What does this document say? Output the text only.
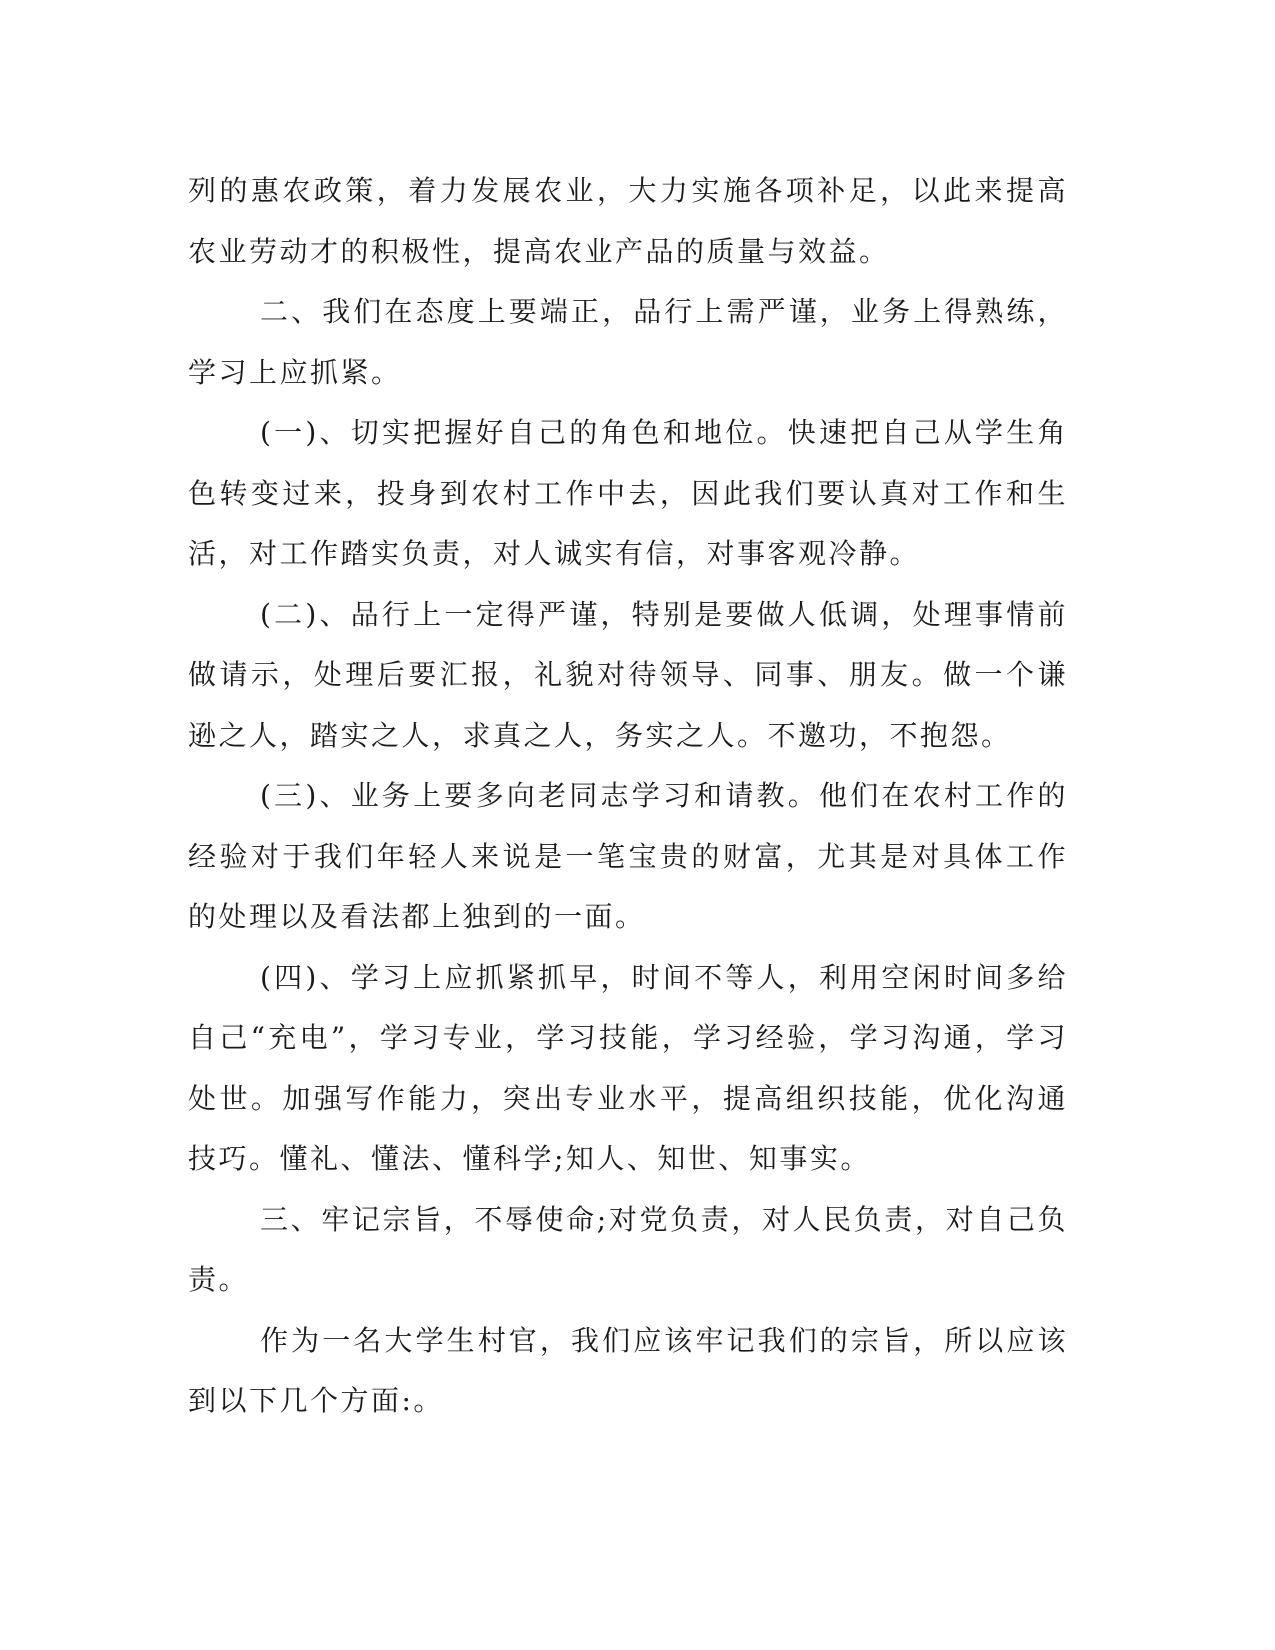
列的惠农政策，着力发展农业，大力实施各项补足，以此来提高农业劳动才的积极性，提高农业产品的质量与效益。

二、我们在态度上要端正，品行上需严谨，业务上得熟练，学习上应抓紧。

(一)、切实把握好自己的角色和地位。快速把自己从学生角色转变过来，投身到农村工作中去，因此我们要认真对工作和生活，对工作踏实负责，对人诚实有信，对事客观冷静。

(二)、品行上一定得严谨，特别是要做人低调，处理事情前做请示，处理后要汇报，礼貌对待领导、同事、朋友。做一个谦逊之人，踏实之人，求真之人，务实之人。不邀功，不抱怨。

(三)、业务上要多向老同志学习和请教。他们在农村工作的经验对于我们年轻人来说是一笔宝贵的财富，尤其是对具体工作的处理以及看法都上独到的一面。

(四)、学习上应抓紧抓早，时间不等人，利用空闲时间多给自己“充电”，学习专业，学习技能，学习经验，学习沟通，学习处世。加强写作能力，突出专业水平，提高组织技能，优化沟通技巧。懂礼、懂法、懂科学;知人、知世、知事实。

三、牢记宗旨，不辱使命;对党负责，对人民负责，对自己负责。

作为一名大学生村官，我们应该牢记我们的宗旨，所以应该到以下几个方面:。
